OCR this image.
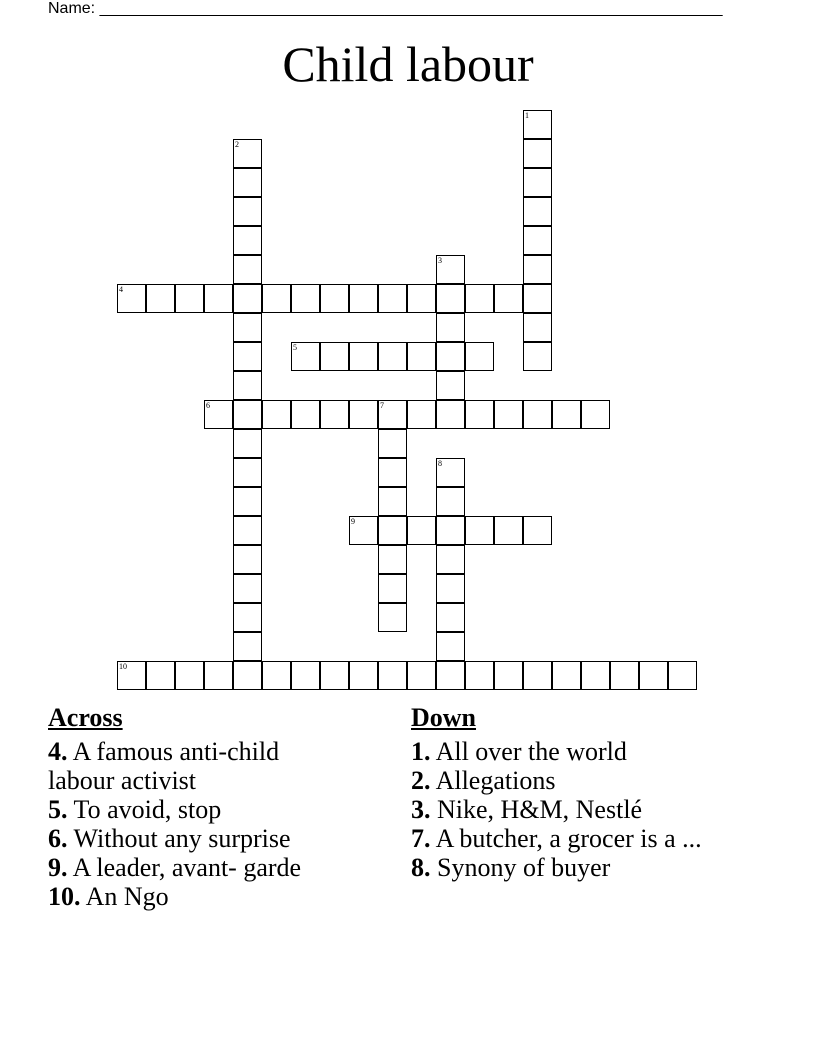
Name: ______________________________________________________________________
Child labour
4
5
6	7
9
10
1
2
3
8
Across
4. A famous anti-child labour activist
5. To avoid, stop
6. Without any surprise
9. A leader, avant- garde
10. An Ngo
Down
1. All over the world
2. Allegations
3. Nike, H&M, Nestlé
7. A butcher, a grocer is a ...
8. Synony of buyer
